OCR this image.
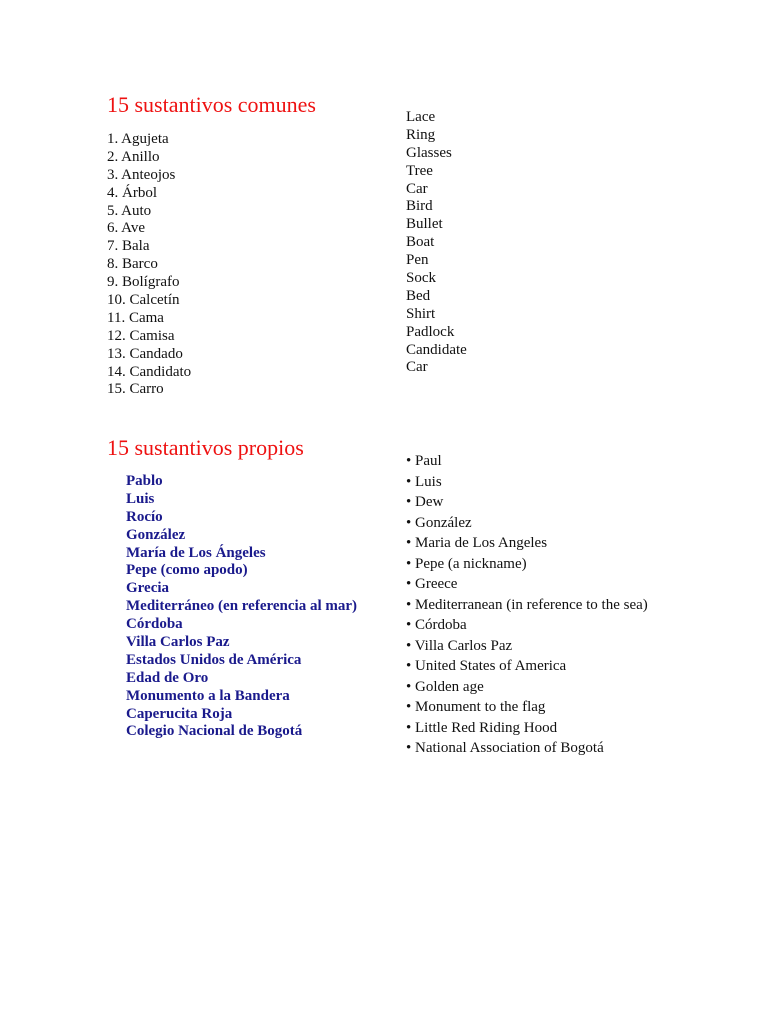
15 sustantivos comunes
1. Agujeta
2. Anillo
3. Anteojos
4. Árbol
5. Auto
6. Ave
7. Bala
8. Barco
9. Bolígrafo
10. Calcetín
11. Cama
12. Camisa
13. Candado
14. Candidato
15. Carro
Lace
Ring
Glasses
Tree
Car
Bird
Bullet
Boat
Pen
Sock
Bed
Shirt
Padlock
Candidate
Car
15 sustantivos propios
Pablo
Luis
Rocío
González
María de Los Ángeles
Pepe (como apodo)
Grecia
Mediterráneo (en referencia al mar)
Córdoba
Villa Carlos Paz
Estados Unidos de América
Edad de Oro
Monumento a la Bandera
Caperucita Roja
Colegio Nacional de Bogotá
• Paul
• Luis
• Dew
• González
• Maria de Los Angeles
• Pepe (a nickname)
• Greece
• Mediterranean (in reference to the sea)
• Córdoba
• Villa Carlos Paz
• United States of America
• Golden age
• Monument to the flag
• Little Red Riding Hood
• National Association of Bogotá
